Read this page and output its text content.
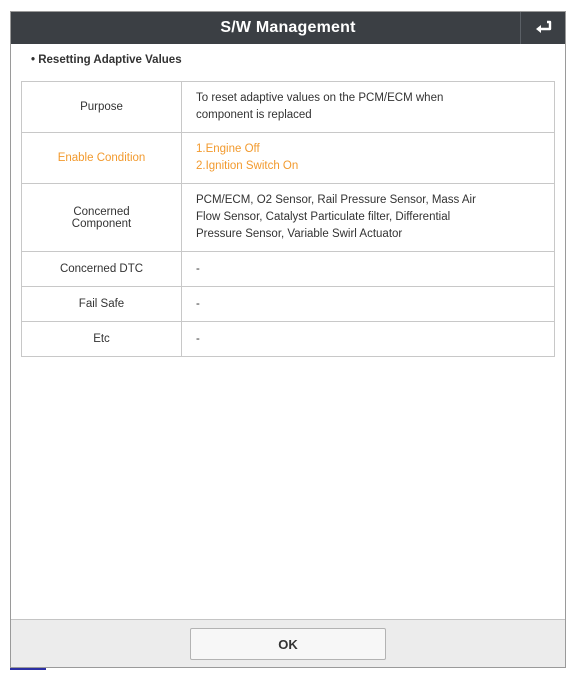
S/W Management
• Resetting Adaptive Values
Purpose	To reset adaptive values on the PCM/ECM when
component is replaced

Enable Condition	1.Engine Off
2.Ignition Switch On

Concerned
Component	PCM/ECM, O2 Sensor, Rail Pressure Sensor, Mass Air
Flow Sensor, Catalyst Particulate filter, Differential
Pressure Sensor, Variable Swirl Actuator

Concerned DTC	-
Fail Safe	-
Etc	-
OK
